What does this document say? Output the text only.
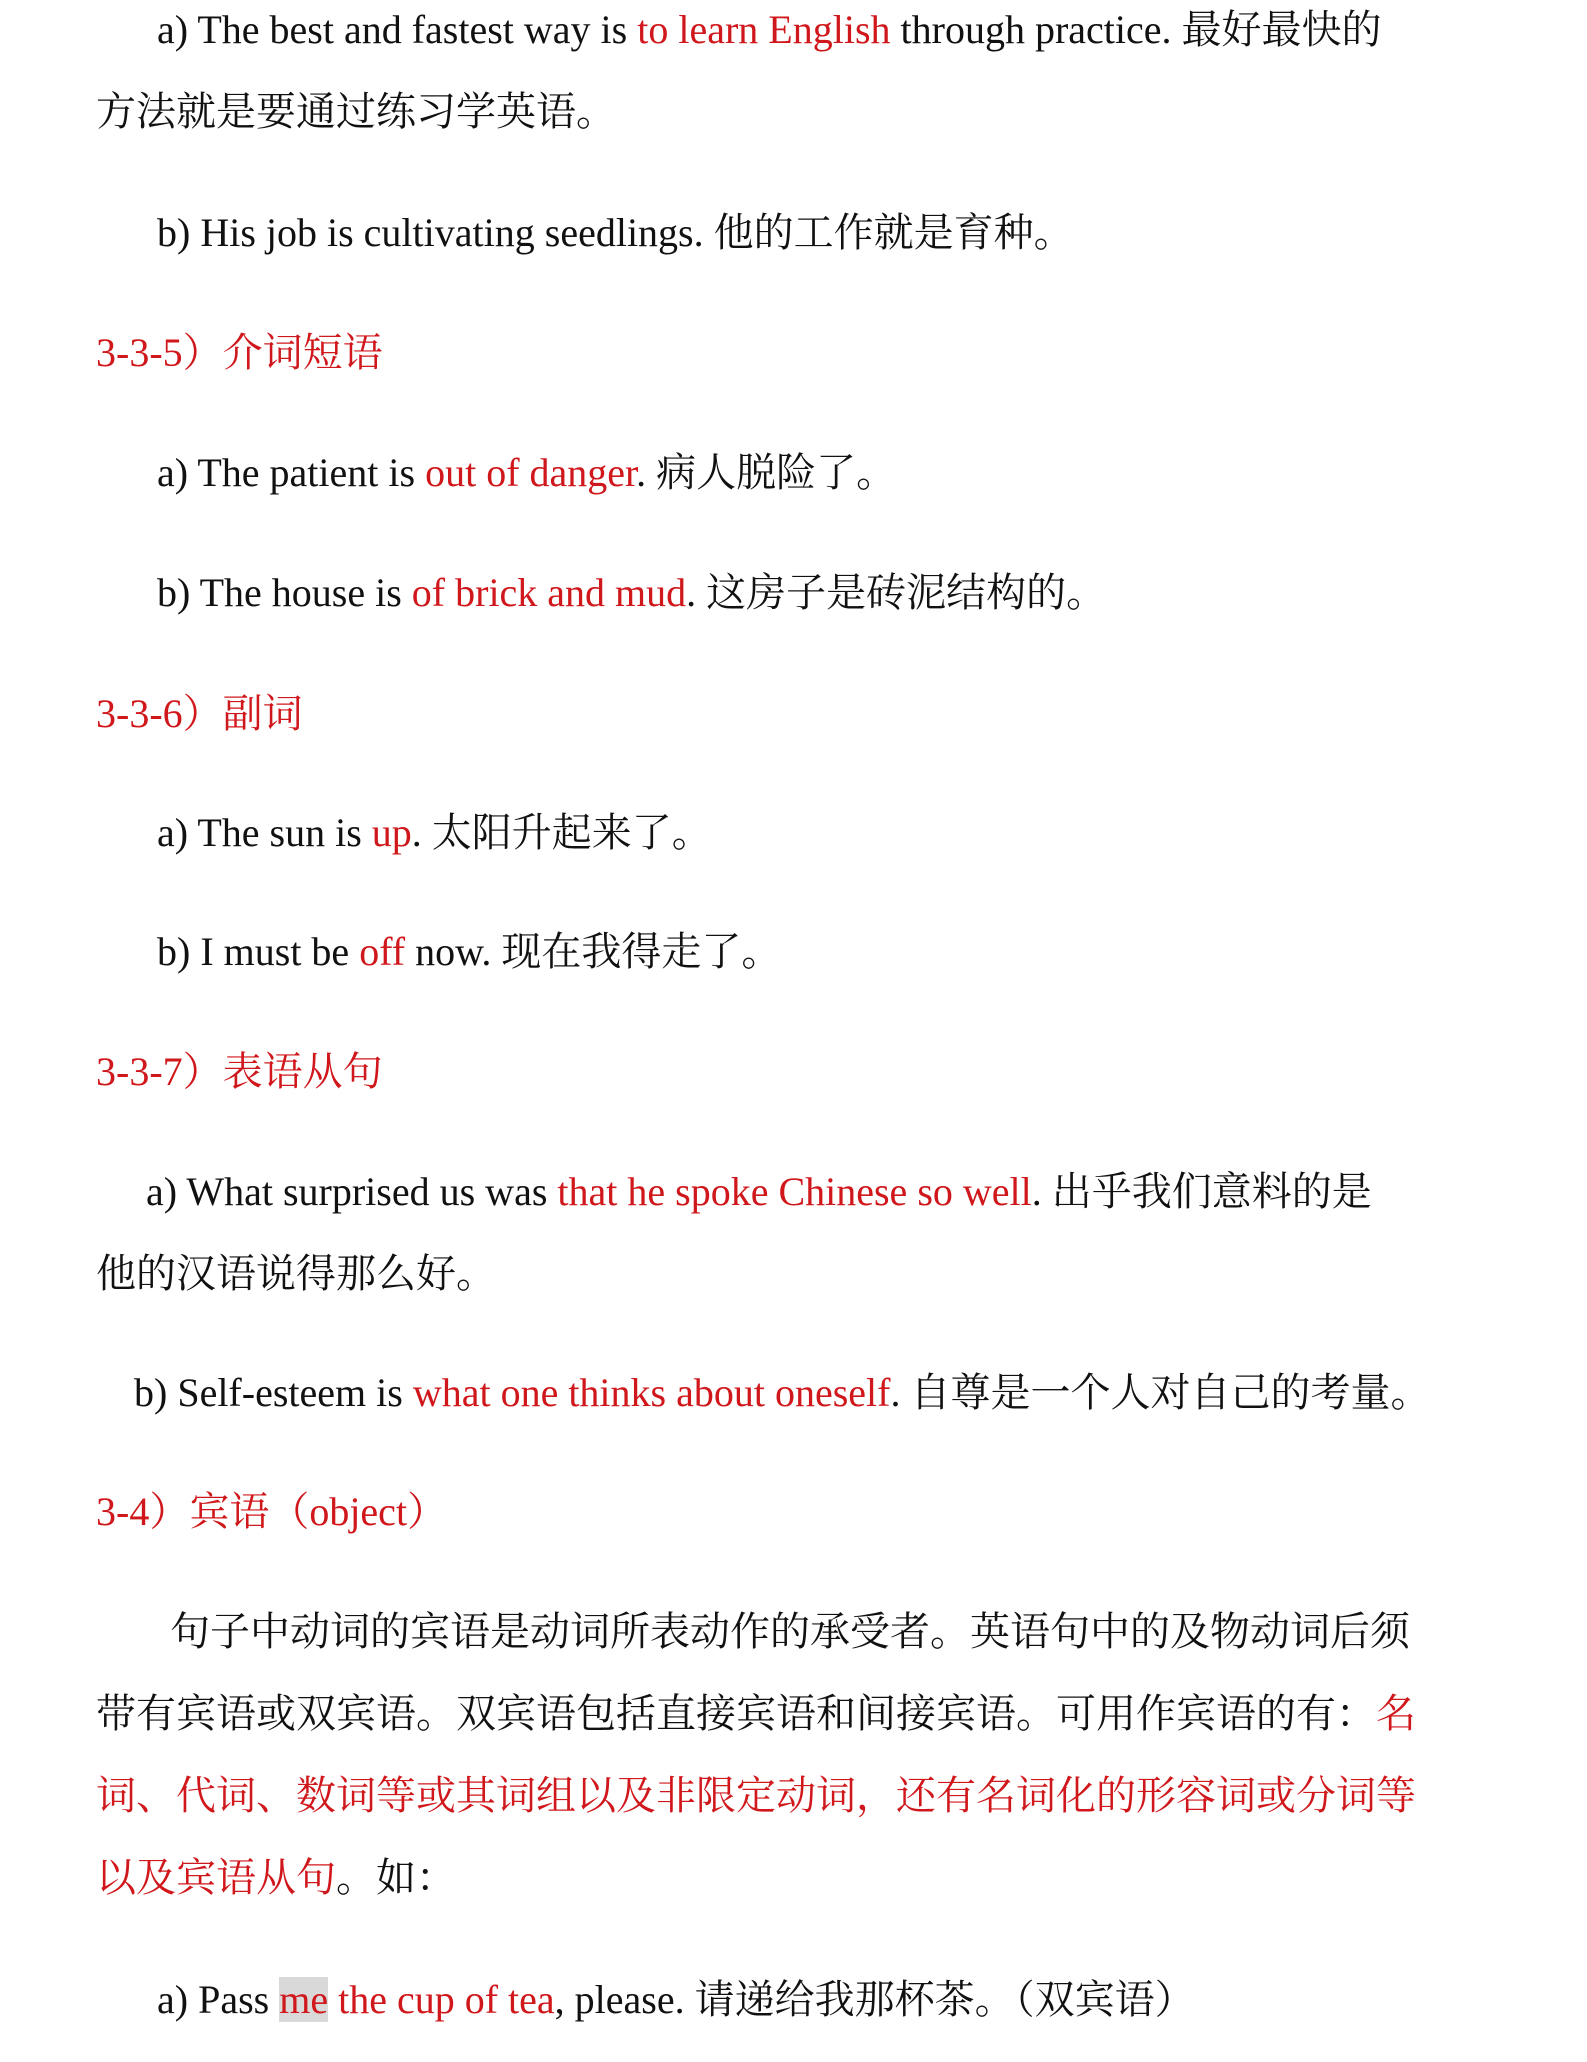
a) The best and fastest way is to learn English through practice. 最好最快的
方法就是要通过练习学英语。
b) His job is cultivating seedlings. 他的工作就是育种。
3-3-5）介词短语
a) The patient is out of danger. 病人脱险了。
b) The house is of brick and mud. 这房子是砖泥结构的。
3-3-6）副词
a) The sun is up. 太阳升起来了。
b) I must be off now. 现在我得走了。
3-3-7）表语从句
a) What surprised us was that he spoke Chinese so well. 出乎我们意料的是
他的汉语说得那么好。
b) Self-esteem is what one thinks about oneself. 自尊是一个人对自己的考量。
3-4）宾语（object）
句子中动词的宾语是动词所表动作的承受者。英语句中的及物动词后须
带有宾语或双宾语。双宾语包括直接宾语和间接宾语。可用作宾语的有：名
词、代词、数词等或其词组以及非限定动词，还有名词化的形容词或分词等
以及宾语从句。如：
a) Pass me the cup of tea, please. 请递给我那杯茶。（双宾语）
